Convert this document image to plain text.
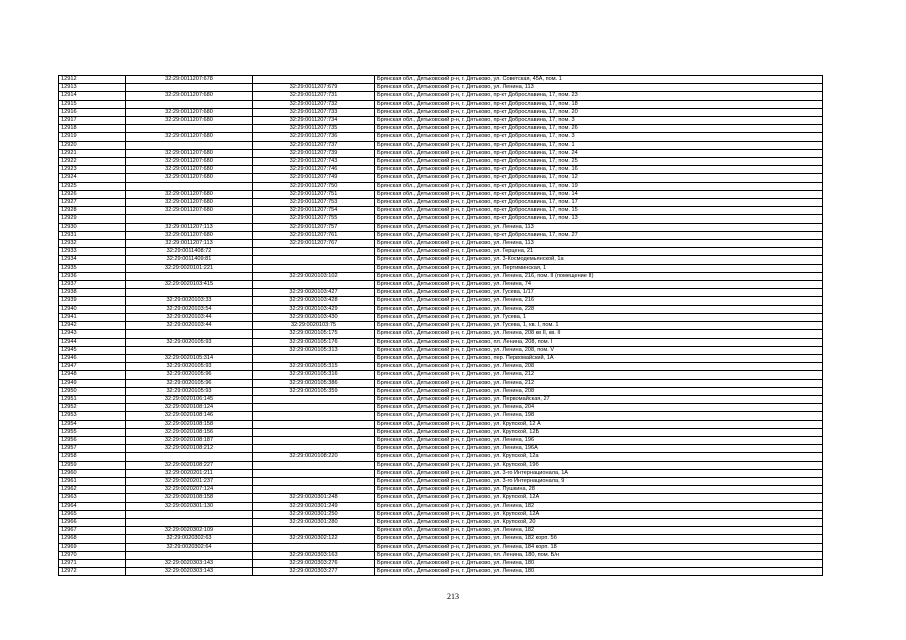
12912	32:29:0011207:678		Брянская обл., Дятьковский р-н, г. Дятьково, ул. Советская, 45А, пом. 1
12913		32:29:0011207:679	Брянская обл., Дятьковский р-н, г. Дятьково, ул. Ленина, 113
12914	32:29:0011207:680	32:29:0011207:731	Брянская обл., Дятьковский р-н, г. Дятьково, пр-кт Доброславина, 17, пом. 23
12915		32:29:0011207:732	Брянская обл., Дятьковский р-н, г. Дятьково, пр-кт Доброславина, 17, пом. 18
12916	32:29:0011207:680	32:29:0011207:733	Брянская обл., Дятьковский р-н, г. Дятьково, пр-кт Доброславина, 17, пом. 20
12917	32:29:0011207:680	32:29:0011207:734	Брянская обл., Дятьковский р-н, г. Дятьково, пр-кт Доброславина, 17, пом. 3
12918		32:29:0011207:735	Брянская обл., Дятьковский р-н, г. Дятьково, пр-кт Доброславина, 17, пом. 26
12919	32:29:0011207:680	32:29:0011207:736	Брянская обл., Дятьковский р-н, г. Дятьково, пр-кт Доброславина, 17, пом. 3
12920		32:29:0011207:737	Брянская обл., Дятьковский р-н, г. Дятьково, пр-кт Доброславина, 17, пом. 1
12921	32:29:0011207:680	32:29:0011207:739	Брянская обл., Дятьковский р-н, г. Дятьково, пр-кт Доброславина, 17, пом. 24
12922	32:29:0011207:680	32:29:0011207:743	Брянская обл., Дятьковский р-н, г. Дятьково, пр-кт Доброславина, 17, пом. 25
12923	32:29:0011207:680	32:29:0011207:746	Брянская обл., Дятьковский р-н, г. Дятьково, пр-кт Доброславина, 17, пом. 16
12924	32:29:0011207:680	32:29:0011207:749	Брянская обл., Дятьковский р-н, г. Дятьково, пр-кт Доброславина, 17, пом. 12
12925		32:29:0011207:750	Брянская обл., Дятьковский р-н, г. Дятьково, пр-кт Доброславина, 17, пом. 19
12926	32:29:0011207:680	32:29:0011207:751	Брянская обл., Дятьковский р-н, г. Дятьково, пр-кт Доброславина, 17, пом. 14
12927	32:29:0011207:680	32:29:0011207:753	Брянская обл., Дятьковский р-н, г. Дятьково, пр-кт Доброславина, 17, пом. 17
12928	32:29:0011207:680	32:29:0011207:754	Брянская обл., Дятьковский р-н, г. Дятьково, пр-кт Доброславина, 17, пом. 15
12929		32:29:0011207:755	Брянская обл., Дятьковский р-н, г. Дятьково, пр-кт Доброславина, 17, пом. 13
12930	32:29:0011207:113	32:29:0011207:757	Брянская обл., Дятьковский р-н, г. Дятьково, ул. Ленина, 113
12931	32:29:0011207:680	32:29:0011207:761	Брянская обл., Дятьковский р-н, г. Дятьково, пр-кт Доброславина, 17, пом. 27
12932	32:29:0011207:113	32:29:0011207:767	Брянская обл., Дятьковский р-н, г. Дятьково, ул. Ленина, 113
12933	32:29:0011408:72		Брянская обл., Дятьковский р-н, г. Дятьково, ул. Герцена, 21
12934	32:29:0011409:81		Брянская обл., Дятьковский р-н, г. Дятьково, ул. 3-Космодемьянской, 1а
12935	32:29:0020101:221		Брянская обл., Дятьковский р-н, г. Дятьково, ул. Пертиминская, 1
12936		32:29:0020103:102	Брянская обл., Дятьковский р-н, г. Дятьково, ул. Ленина, 216, пом. II (помещение II)
12937	32:29:0020103:415		Брянская обл., Дятьковский р-н, г. Дятьково, ул. Ленина, 74
12938		32:29:0020103:427	Брянская обл., Дятьковский р-н, г. Дятьково, ул. Гусева, 1/17
12939	32:29:0020103:33	32:29:0020103:428	Брянская обл., Дятьковский р-н, г. Дятьково, ул. Ленина, 216
12940	32:29:0020103:54	32:29:0020103:429	Брянская обл., Дятьковский р-н, г. Дятьково, ул. Ленина, 228
12941	32:29:0020103:44	32:29:0020103:430	Брянская обл., Дятьковский р-н, г. Дятьково, ул. Гусева, 1
12942	32:29:0020103:44	32:29:0020103:75	Брянская обл., Дятьковский р-н, г. Дятьково, ул. Гусева, 1, кв. I, пом. 1
12943		32:29:0020105:175	Брянская обл., Дятьковский р-н, г. Дятьково, ул. Ленина, 208 кв II, кв. II
12944	32:29:0020105:93	32:29:0020105:176	Брянская обл., Дятьковский р-н, г. Дятьково, пл. Ленина, 208, пом. I
12945		32:29:0020105:313	Брянская обл., Дятьковский р-н, г. Дятьково, ул. Ленина, 208, пом. V
12946	32:29:0020105:314		Брянская обл., Дятьковский р-н, г. Дятьково, пер. Первомайский, 1А
12947	32:29:0020105:93	32:29:0020105:315	Брянская обл., Дятьковский р-н, г. Дятьково, ул. Ленина, 208
12948	32:29:0020105:96	32:29:0020105:316	Брянская обл., Дятьковский р-н, г. Дятьково, ул. Ленина, 212
12949	32:29:0020105:96	32:29:0020105:386	Брянская обл., Дятьковский р-н, г. Дятьково, ул. Ленина, 212
12950	32:29:0020105:93	32:29:0020105:359	Брянская обл., Дятьковский р-н, г. Дятьково, ул. Ленина, 208
12951	32:29:0020106:145		Брянская обл., Дятьковский р-н, г. Дятьково, ул. Первомайская, 27
12952	32:29:0020108:124		Брянская обл., Дятьковский р-н, г. Дятьково, ул. Ленина, 204
12953	32:29:0020108:146		Брянская обл., Дятьковский р-н, г. Дятьково, ул. Ленина, 198
12954	32:29:0020108:158		Брянская обл., Дятьковский р-н, г. Дятьково, ул. Крупской, 12 А
12955	32:29:0020108:156		Брянская обл., Дятьковский р-н, г. Дятьково, ул. Крупской, 12Б
12956	32:29:0020108:187		Брянская обл., Дятьковский р-н, г. Дятьково, ул. Ленина, 196
12957	32:29:0020108:212		Брянская обл., Дятьковский р-н, г. Дятьково, ул. Ленина, 196А
12958		32:29:0020108:220	Брянская обл., Дятьковский р-н, г. Дятьково, ул. Крупской, 12а
12959	32:29:0020108:227		Брянская обл., Дятьковский р-н, г. Дятьково, ул. Крупской, 19б
12960	32:29:0020201:211		Брянская обл., Дятьковский р-н, г. Дятьково, ул. 3-го Интернационала, 1А
12961	32:29:0020201:237		Брянская обл., Дятьковский р-н, г. Дятьково, ул. 3-го Интернационала, 9
12962	32:29:0020207:124		Брянская обл., Дятьковский р-н, г. Дятьково, ул. Пушкина, 28
12963	32:29:0020108:158	32:29:0020301:248	Брянская обл., Дятьковский р-н, г. Дятьково, ул. Крупской, 12А
12964	32:29:0020301:130	32:29:0020301:249	Брянская обл., Дятьковский р-н, г. Дятьково, ул. Ленина, 182
12965		32:29:0020301:250	Брянская обл., Дятьковский р-н, г. Дятьково, ул. Крупской, 12А
12966		32:29:0020301:280	Брянская обл., Дятьковский р-н, г. Дятьково, ул. Крупской, 20
12967	32:29:0020302:109		Брянская обл., Дятьковский р-н, г. Дятьково, ул. Ленина, 182
12968	32:29:0020302:63	32:29:0020302:122	Брянская обл., Дятьковский р-н, г. Дятьково, ул. Ленина, 182 корп. 5б
12969	32:29:0020302:64		Брянская обл., Дятьковский р-н, г. Дятьково, ул. Ленина, 184 корп. 18
12970		32:29:0020303:163	Брянская обл., Дятьковский р-н, г. Дятьково, пл. Ленина, 180, пом. Б/н
12971	32:29:0020303:143	32:29:0020303:276	Брянская обл., Дятьковский р-н, г. Дятьково, ул. Ленина, 180
12972	32:29:0020303:143	32:29:0020303:277	Брянская обл., Дятьковский р-н, г. Дятьково, ул. Ленина, 180
213
